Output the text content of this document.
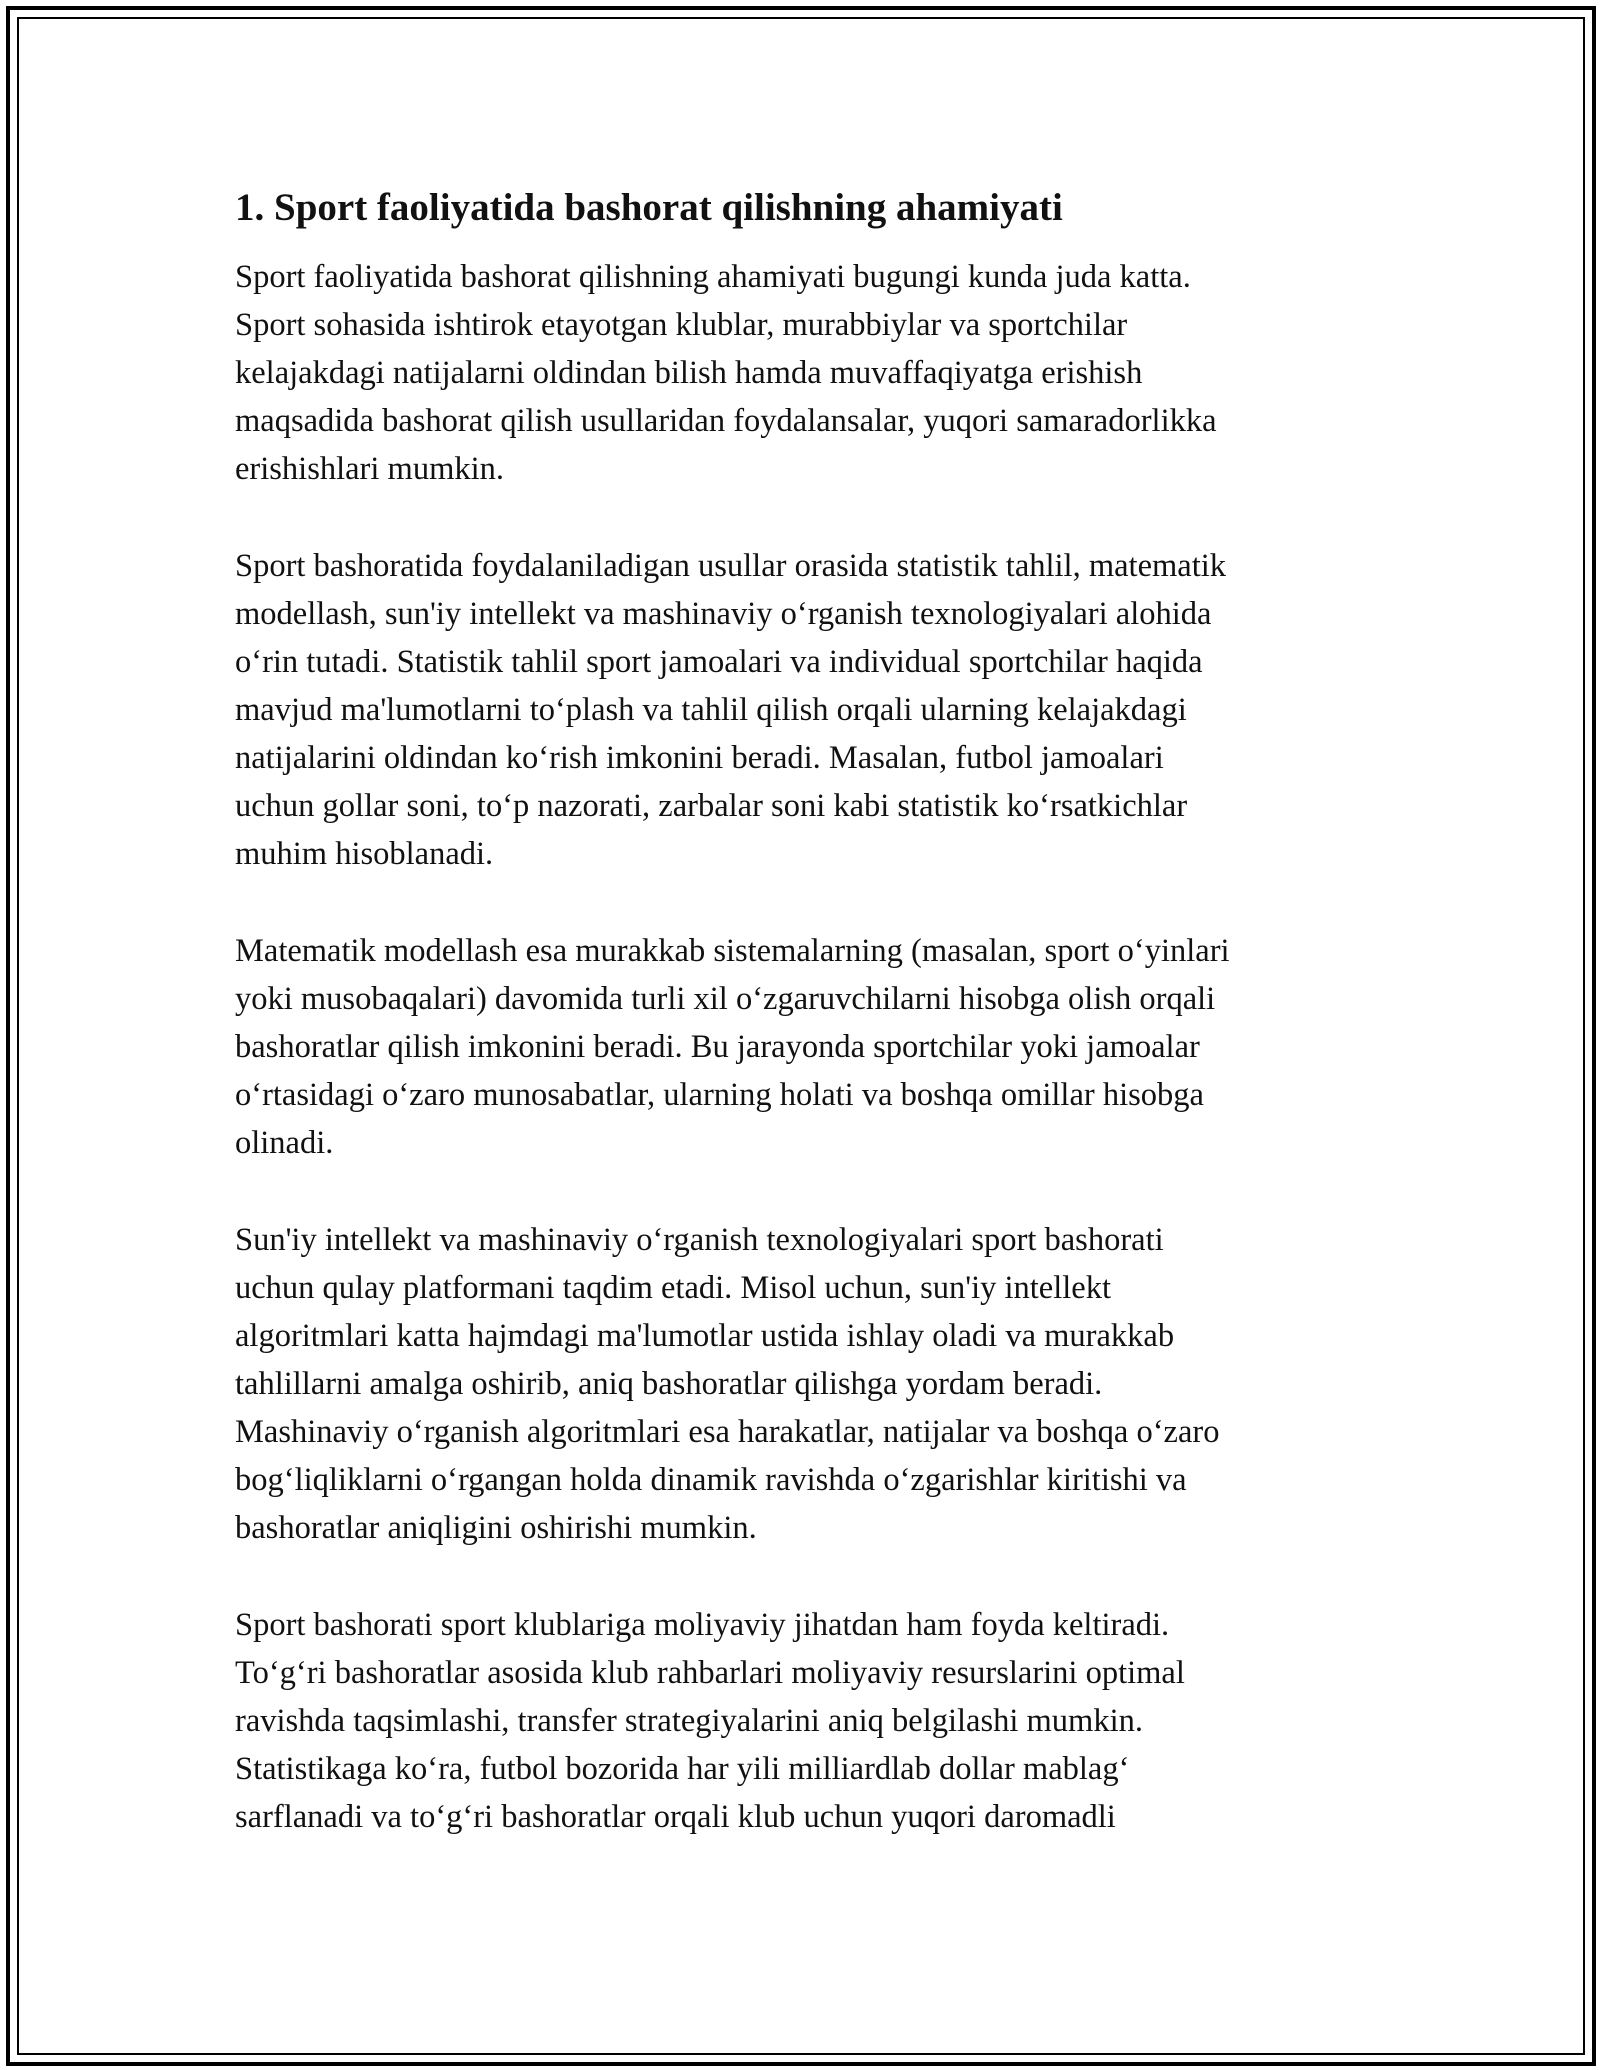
1. Sport faoliyatida bashorat qilishning ahamiyati
Sport faoliyatida bashorat qilishning ahamiyati bugungi kunda juda katta.
Sport sohasida ishtirok etayotgan klublar, murabbiylar va sportchilar
kelajakdagi natijalarni oldindan bilish hamda muvaffaqiyatga erishish
maqsadida bashorat qilish usullaridan foydalansalar, yuqori samaradorlikka
erishishlari mumkin.
Sport bashoratida foydalaniladigan usullar orasida statistik tahlil, matematik
modellash, sun'iy intellekt va mashinaviy o‘rganish texnologiyalari alohida
o‘rin tutadi. Statistik tahlil sport jamoalari va individual sportchilar haqida
mavjud ma'lumotlarni to‘plash va tahlil qilish orqali ularning kelajakdagi
natijalarini oldindan ko‘rish imkonini beradi. Masalan, futbol jamoalari
uchun gollar soni, to‘p nazorati, zarbalar soni kabi statistik ko‘rsatkichlar
muhim hisoblanadi.
Matematik modellash esa murakkab sistemalarning (masalan, sport o‘yinlari
yoki musobaqalari) davomida turli xil o‘zgaruvchilarni hisobga olish orqali
bashoratlar qilish imkonini beradi. Bu jarayonda sportchilar yoki jamoalar
o‘rtasidagi o‘zaro munosabatlar, ularning holati va boshqa omillar hisobga
olinadi.
Sun'iy intellekt va mashinaviy o‘rganish texnologiyalari sport bashorati
uchun qulay platformani taqdim etadi. Misol uchun, sun'iy intellekt
algoritmlari katta hajmdagi ma'lumotlar ustida ishlay oladi va murakkab
tahlillarni amalga oshirib, aniq bashoratlar qilishga yordam beradi.
Mashinaviy o‘rganish algoritmlari esa harakatlar, natijalar va boshqa o‘zaro
bog‘liqliklarni o‘rgangan holda dinamik ravishda o‘zgarishlar kiritishi va
bashoratlar aniqligini oshirishi mumkin.
Sport bashorati sport klublariga moliyaviy jihatdan ham foyda keltiradi.
To‘g‘ri bashoratlar asosida klub rahbarlari moliyaviy resurslarini optimal
ravishda taqsimlashi, transfer strategiyalarini aniq belgilashi mumkin.
Statistikaga ko‘ra, futbol bozorida har yili milliardlab dollar mablag‘
sarflanadi va to‘g‘ri bashoratlar orqali klub uchun yuqori daromadli
